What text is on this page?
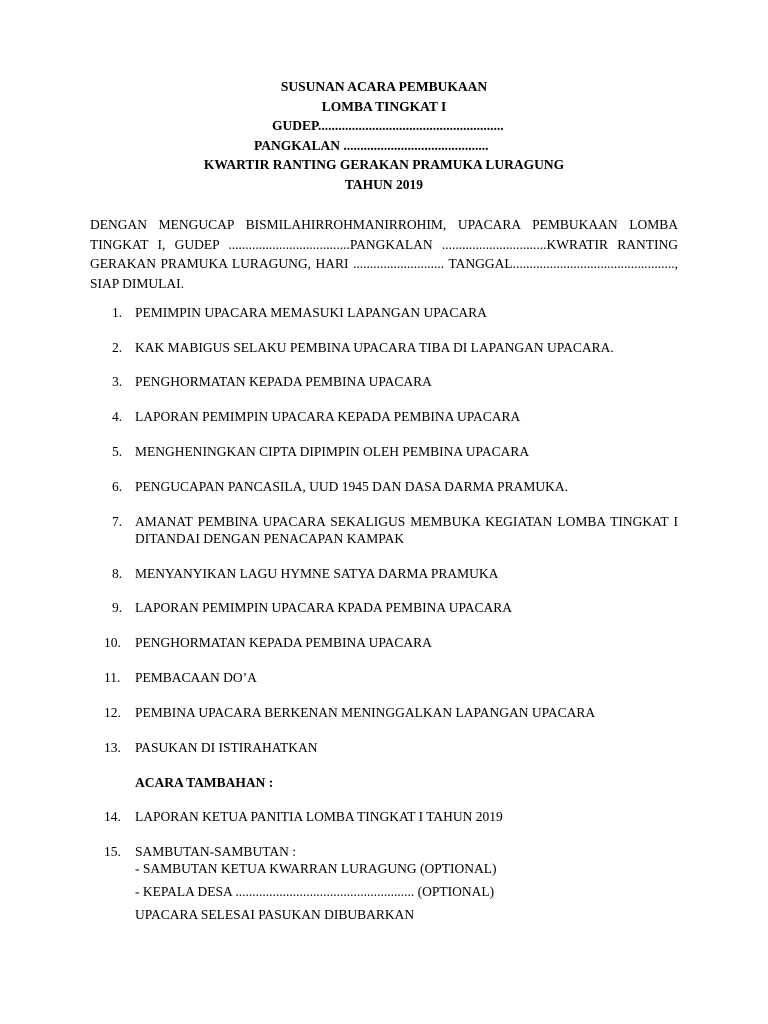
SUSUNAN ACARA PEMBUKAAN
LOMBA TINGKAT I
GUDEP.......................................................
PANGKALAN ...........................................
KWARTIR RANTING GERAKAN PRAMUKA LURAGUNG
TAHUN 2019
DENGAN MENGUCAP BISMILAHIRROHMANIRROHIM, UPACARA PEMBUKAAN LOMBA TINGKAT I, GUDEP ....................................PANGKALAN ...............................KWRATIR RANTING GERAKAN PRAMUKA LURAGUNG, HARI ........................... TANGGAL................................................, SIAP DIMULAI.
1. PEMIMPIN UPACARA MEMASUKI LAPANGAN UPACARA
2. KAK MABIGUS SELAKU PEMBINA UPACARA TIBA DI LAPANGAN UPACARA.
3. PENGHORMATAN KEPADA PEMBINA UPACARA
4. LAPORAN PEMIMPIN UPACARA KEPADA PEMBINA UPACARA
5. MENGHENINGKAN CIPTA DIPIMPIN OLEH PEMBINA UPACARA
6. PENGUCAPAN PANCASILA, UUD 1945 DAN DASA DARMA PRAMUKA.
7. AMANAT PEMBINA UPACARA SEKALIGUS MEMBUKA KEGIATAN LOMBA TINGKAT I DITANDAI DENGAN PENACAPAN KAMPAK
8. MENYANYIKAN LAGU HYMNE SATYA DARMA PRAMUKA
9. LAPORAN PEMIMPIN UPACARA KPADA PEMBINA UPACARA
10. PENGHORMATAN KEPADA PEMBINA UPACARA
11. PEMBACAAN DO’A
12. PEMBINA UPACARA BERKENAN MENINGGALKAN LAPANGAN UPACARA
13. PASUKAN DI ISTIRAHATKAN
ACARA TAMBAHAN :
14. LAPORAN KETUA PANITIA LOMBA TINGKAT I TAHUN 2019
15. SAMBUTAN-SAMBUTAN :
- SAMBUTAN KETUA KWARRAN LURAGUNG (OPTIONAL)
- KEPALA DESA ..................................................... (OPTIONAL)
UPACARA SELESAI PASUKAN DIBUBARKAN
